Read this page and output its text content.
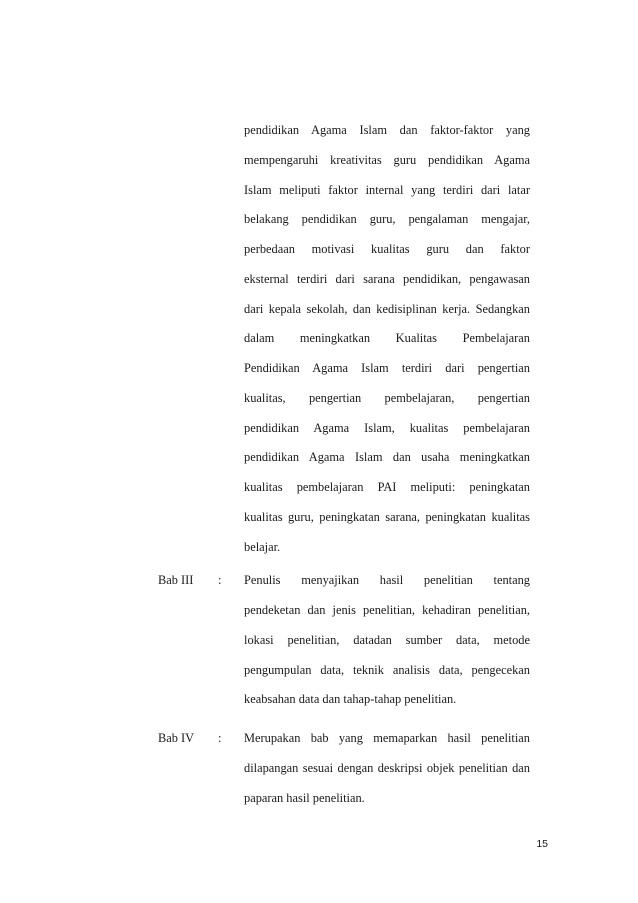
pendidikan Agama Islam dan faktor-faktor yang
mempengaruhi kreativitas guru pendidikan Agama
Islam meliputi faktor internal yang terdiri dari latar
belakang pendidikan guru, pengalaman mengajar,
perbedaan motivasi kualitas guru dan faktor
eksternal terdiri dari sarana pendidikan, pengawasan
dari kepala sekolah, dan kedisiplinan kerja. Sedangkan
dalam meningkatkan Kualitas Pembelajaran
Pendidikan Agama Islam terdiri dari pengertian
kualitas, pengertian pembelajaran, pengertian
pendidikan Agama Islam, kualitas pembelajaran
pendidikan Agama Islam dan usaha meningkatkan
kualitas pembelajaran PAI meliputi: peningkatan
kualitas guru, peningkatan sarana, peningkatan kualitas
belajar.
Bab III : Penulis menyajikan hasil penelitian tentang
pendeketan dan jenis penelitian, kehadiran penelitian,
lokasi penelitian, datadan sumber data, metode
pengumpulan data, teknik analisis data, pengecekan
keabsahan data dan tahap-tahap penelitian.
Bab IV : Merupakan bab yang memaparkan hasil penelitian
dilapangan sesuai dengan deskripsi objek penelitian dan
paparan hasil penelitian.
15
